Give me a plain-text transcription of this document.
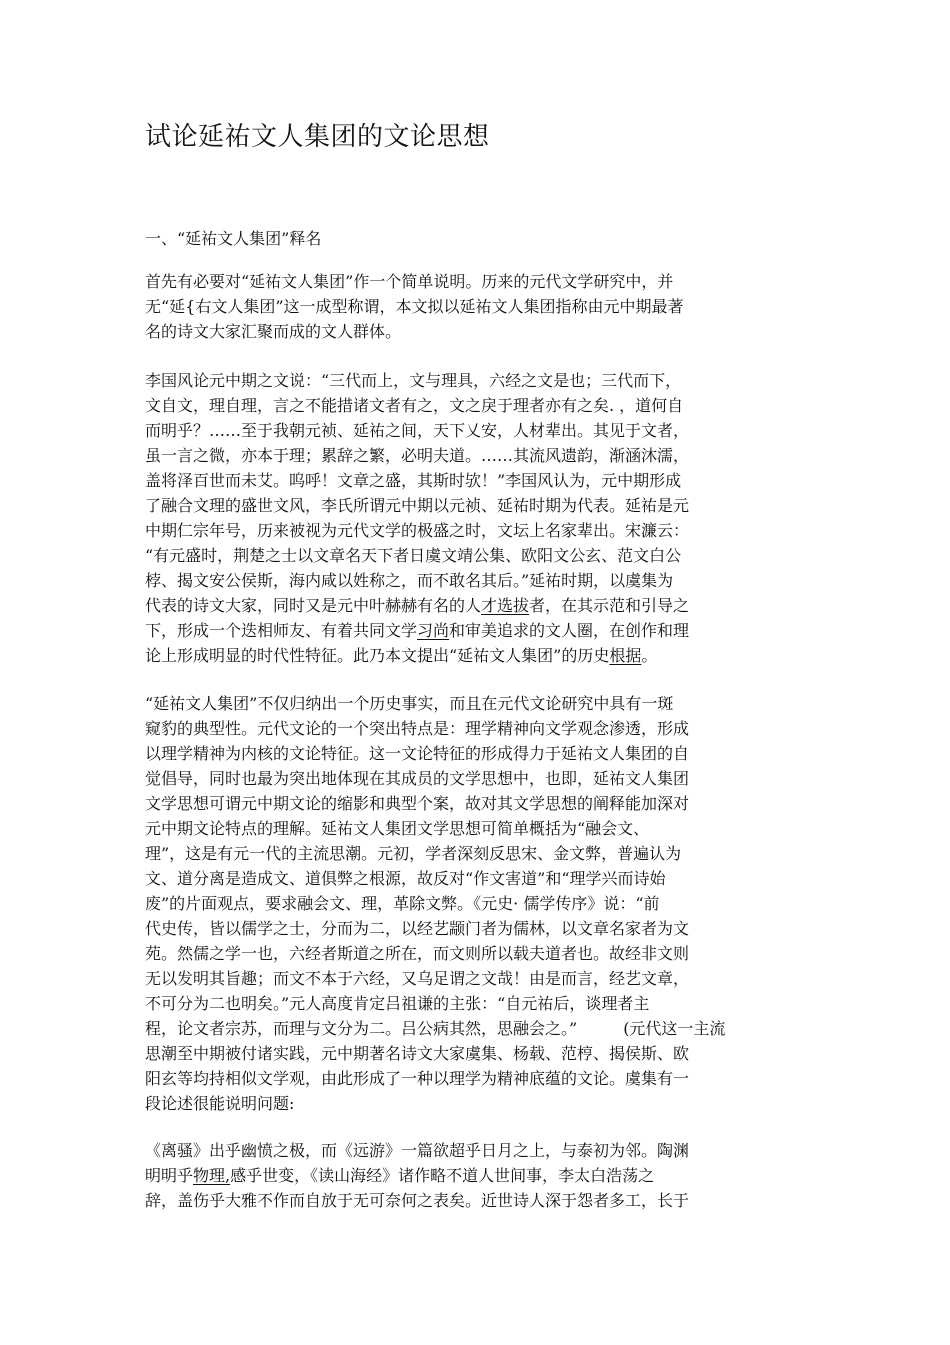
试论延祐文人集团的文论思想
一、“延祐文人集团”释名
首先有必要对“延祐文人集团”作一个简单说明。历来的元代文学研究中，并
无“延{右文人集团”这一成型称谓，本文拟以延祐文人集团指称由元中期最著
名的诗文大家汇聚而成的文人群体。
李国风论元中期之文说：“三代而上，文与理具，六经之文是也；三代而下，
文自文，理自理，言之不能措诸文者有之，文之戾于理者亦有之矣. ，道何自
而明乎？……至于我朝元祯、延祐之间，天下乂安，人材辈出。其见于文者，
虽一言之微，亦本于理；累辞之繁，必明夫道。……其流风遗韵，渐涵沐濡，
盖将泽百世而未艾。呜呼！文章之盛，其斯时欤！”李国风认为，元中期形成
了融合文理的盛世文风，李氏所谓元中期以元祯、延祐时期为代表。延祐是元
中期仁宗年号，历来被视为元代文学的极盛之时，文坛上名家辈出。宋濂云：
“有元盛时，荆楚之士以文章名天下者日虞文靖公集、欧阳文公玄、范文白公
桲、揭文安公侯斯，海内咸以姓称之，而不敢名其后。”延祐时期，以虞集为
代表的诗文大家，同时又是元中叶赫赫有名的人才选拔者，在其示范和引导之
下，形成一个迭相师友、有着共同文学习尚和审美追求的文人圈，在创作和理
论上形成明显的时代性特征。此乃本文提出“延祐文人集团”的历史根据。
“延祐文人集团”不仅归纳出一个历史事实，而且在元代文论研究中具有一斑
窥豹的典型性。元代文论的一个突出特点是：理学精神向文学观念渗透，形成
以理学精神为内核的文论特征。这一文论特征的形成得力于延祐文人集团的自
觉倡导，同时也最为突出地体现在其成员的文学思想中，也即，延祐文人集团
文学思想可谓元中期文论的缩影和典型个案，故对其文学思想的阐释能加深对
元中期文论特点的理解。延祐文人集团文学思想可简单概括为“融会文、
理”，这是有元一代的主流思潮。元初，学者深刻反思宋、金文弊，普遍认为
文、道分离是造成文、道俱弊之根源，故反对“作文害道”和“理学兴而诗始
废”的片面观点，要求融会文、理，革除文弊。《元史· 儒学传序》说：“前
代史传，皆以儒学之士，分而为二，以经艺颛门者为儒林，以文章名家者为文
苑。然儒之学一也，六经者斯道之所在，而文则所以载夫道者也。故经非文则
无以发明其旨趣；而文不本于六经，又乌足谓之文哉！由是而言，经艺文章，
不可分为二也明矣。”元人高度肯定吕祖谦的主张：“自元祐后，谈理者主
程，论文者宗苏，而理与文分为二。吕公病其然，思融会之。”	(元代这一主流
思潮至中期被付诸实践，元中期著名诗文大家虞集、杨载、范梈、揭侯斯、欧
阳玄等均持相似文学观，由此形成了一种以理学为精神底蕴的文论。虞集有一
段论述很能说明问题:
《离骚》出乎幽愤之极，而《远游》一篇欲超乎日月之上，与泰初为邻。陶渊
明明乎物理,感乎世变，《读山海经》诸作略不道人世间事，李太白浩荡之
辞，盖伤乎大雅不作而自放于无可奈何之表矣。近世诗人深于怨者多工，长于
